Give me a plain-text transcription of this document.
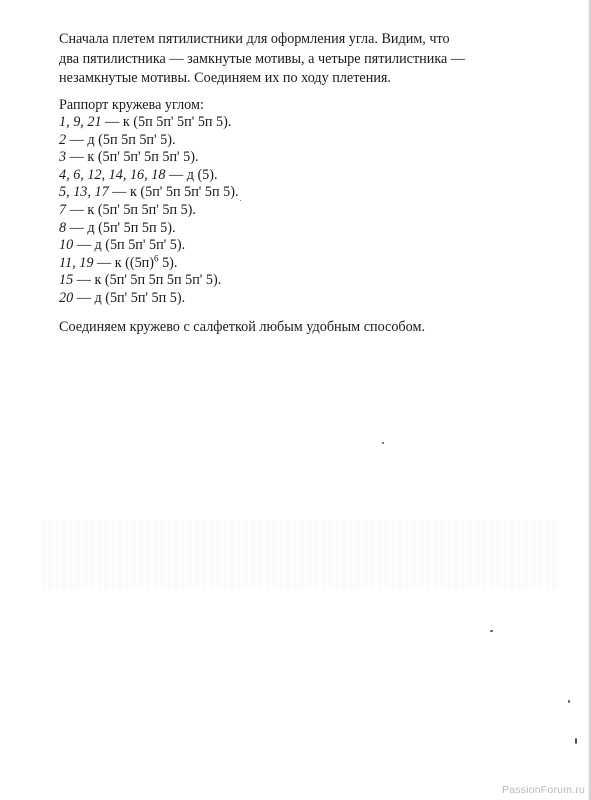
Сначала плетем пятилистники для оформления угла. Видим, что

два пятилистника — замкнутые мотивы, а четыре пятилистника —

незамкнутые мотивы. Соединяем их по ходу плетения.

Раппорт кружева углом:
1, 9, 21 — к (5п 5п' 5п' 5п 5).
2 — д (5п 5п 5п' 5).
3 — к (5п' 5п' 5п 5п' 5).
4, 6, 12, 14, 16, 18 — д (5).
5, 13, 17 — к (5п' 5п 5п' 5п 5).
7 — к (5п' 5п 5п' 5п 5).
8 — д (5п' 5п 5п 5).
10 — д (5п 5п' 5п' 5).
11, 19 — к ($(5п)^6$ 5).
15 — к (5п' 5п 5п 5п 5п' 5).
20 — д (5п' 5п' 5п 5).
Соединяем кружево с салфеткой любым удобным способом.
PassionForum.ru
